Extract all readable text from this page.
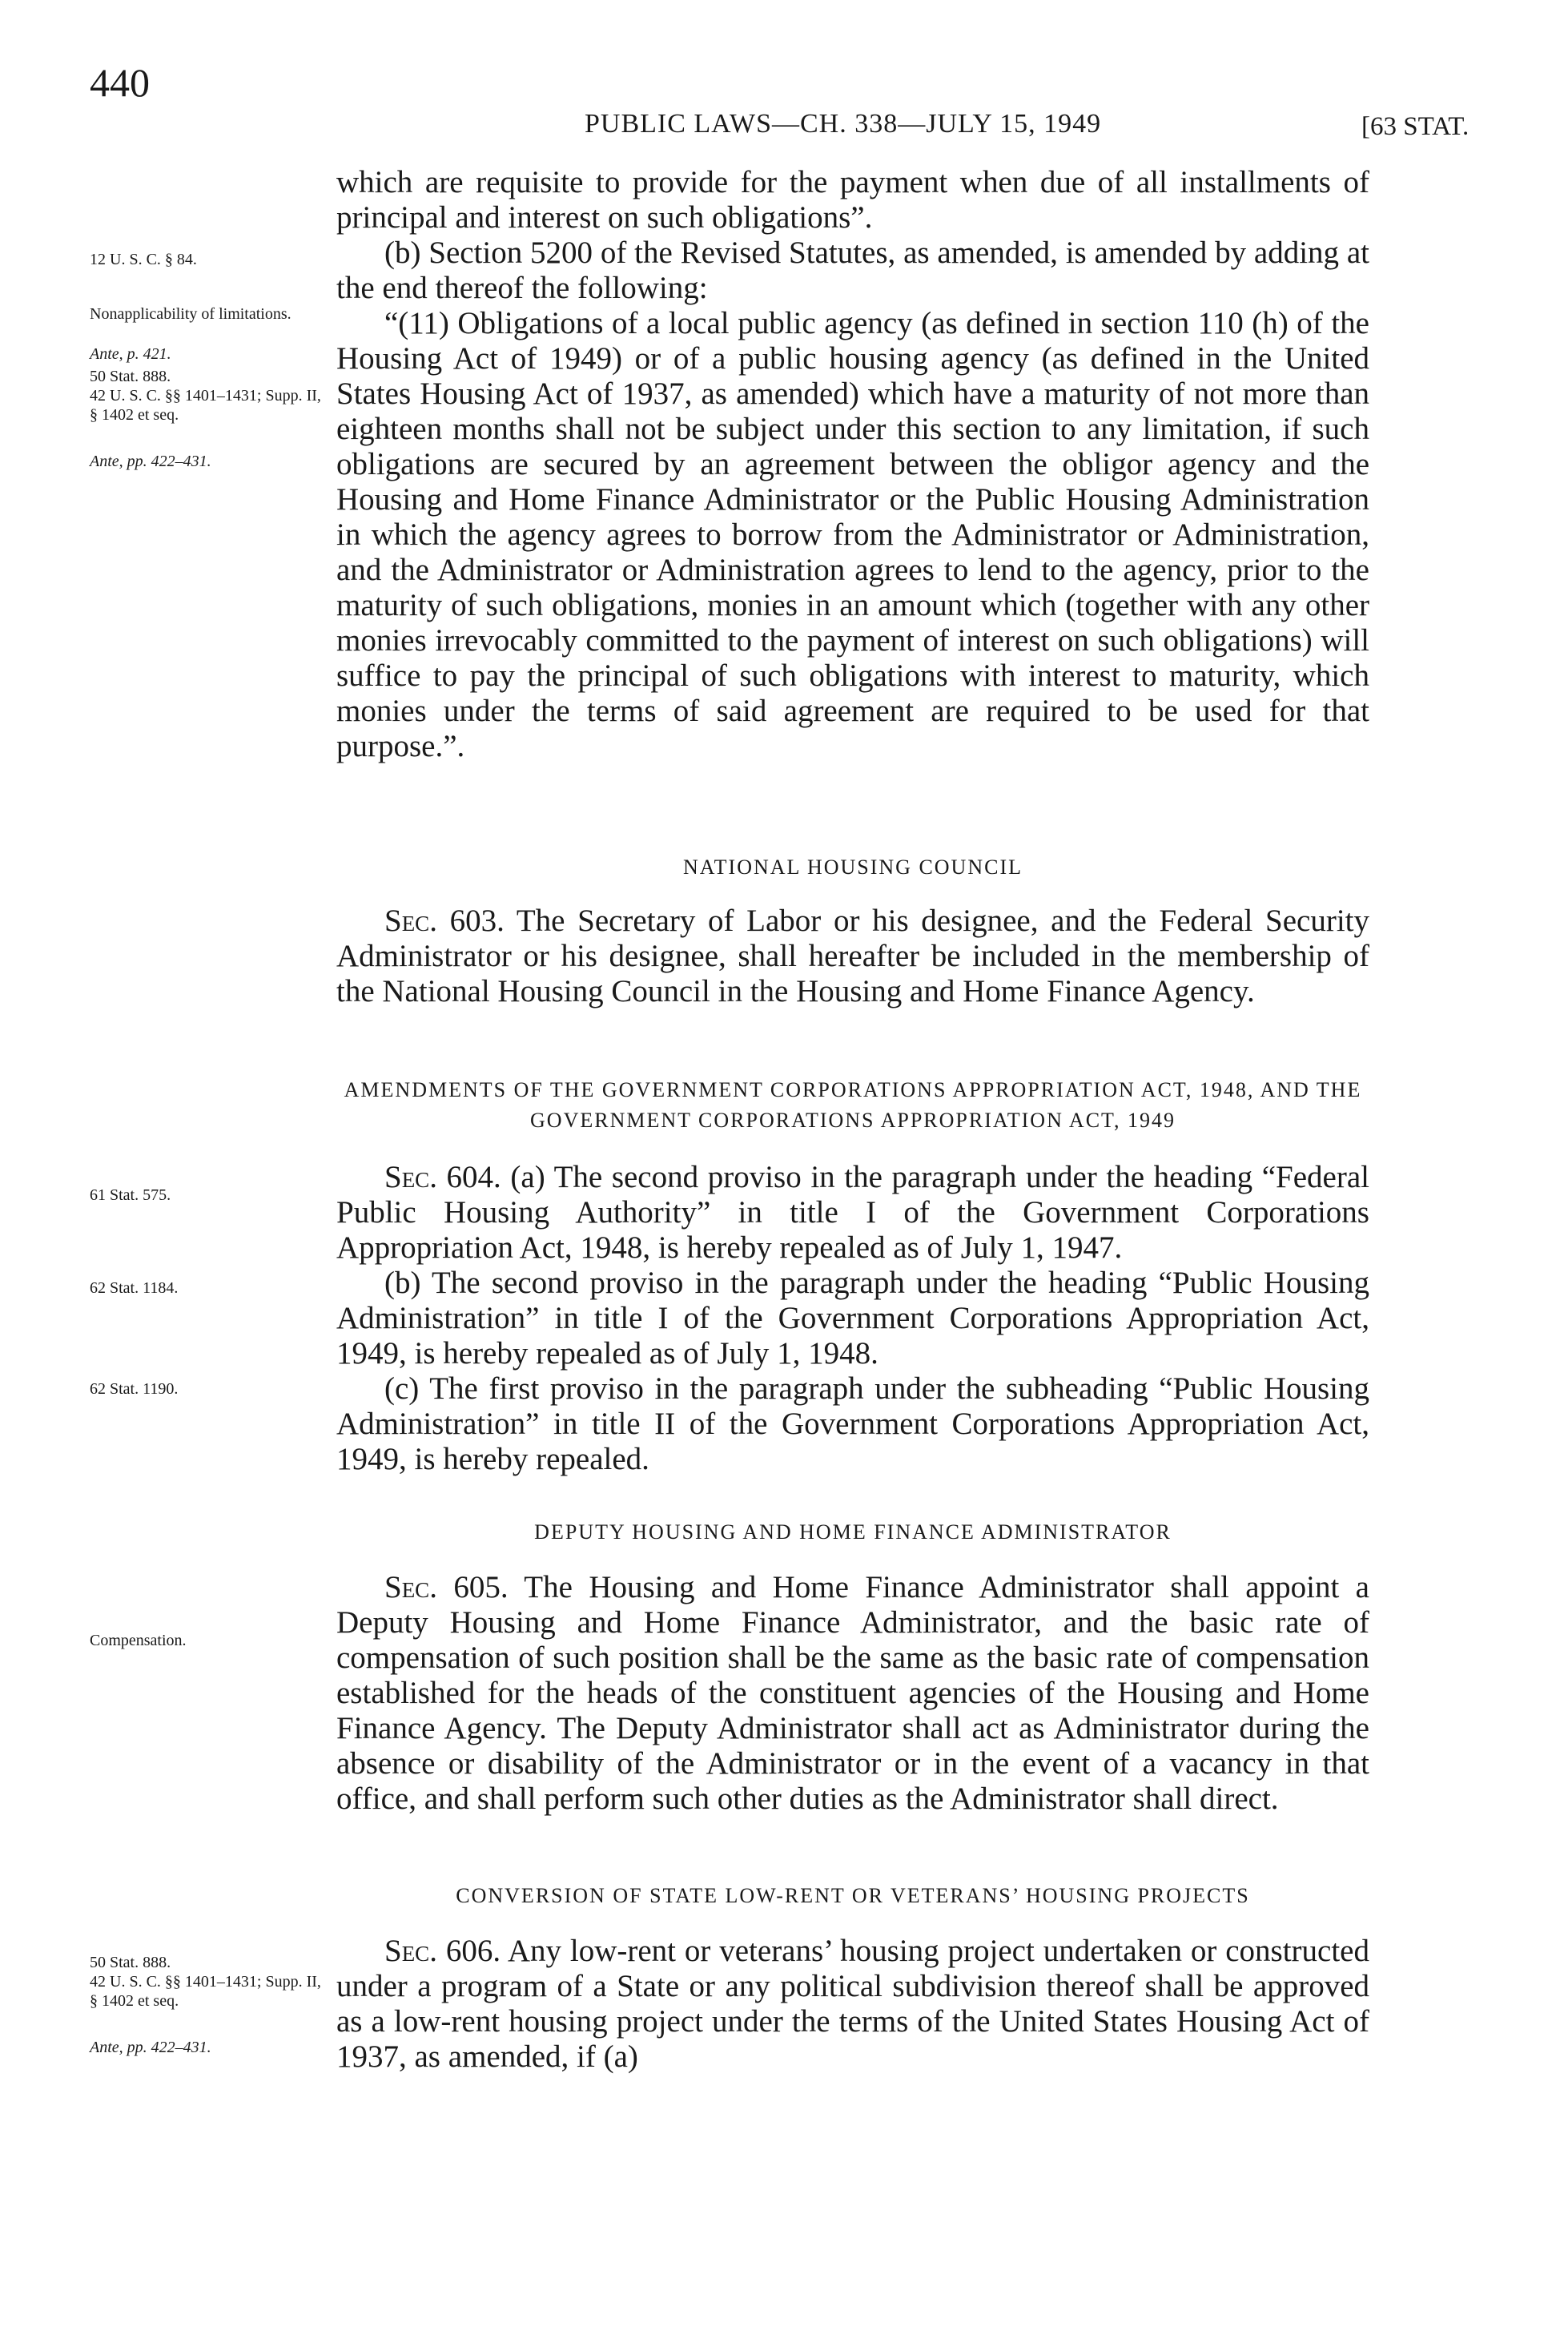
440
PUBLIC LAWS—CH. 338—JULY 15, 1949	[63 STAT.
12 U. S. C. § 84.
Nonapplicability of limitations.
Ante, p. 421.
50 Stat. 888.
42 U. S. C. §§ 1401–1431; Supp. II, § 1402 et seq.
Ante, pp. 422–431.
61 Stat. 575.
62 Stat. 1184.
62 Stat. 1190.
Compensation.
50 Stat. 888.
42 U. S. C. §§ 1401–1431; Supp. II, § 1402 et seq.
Ante, pp. 422–431.

which are requisite to provide for the payment when due of all installments of principal and interest on such obligations”.

(b) Section 5200 of the Revised Statutes, as amended, is amended by adding at the end thereof the following:

“(11) Obligations of a local public agency (as defined in section 110 (h) of the Housing Act of 1949) or of a public housing agency (as defined in the United States Housing Act of 1937, as amended) which have a maturity of not more than eighteen months shall not be subject under this section to any limitation, if such obligations are secured by an agreement between the obligor agency and the Housing and Home Finance Administrator or the Public Housing Administration in which the agency agrees to borrow from the Administrator or Administration, and the Administrator or Administration agrees to lend to the agency, prior to the maturity of such obligations, monies in an amount which (together with any other monies irrevocably committed to the payment of interest on such obligations) will suffice to pay the principal of such obligations with interest to maturity, which monies under the terms of said agreement are required to be used for that purpose.”.

NATIONAL HOUSING COUNCIL

Sec. 603. The Secretary of Labor or his designee, and the Federal Security Administrator or his designee, shall hereafter be included in the membership of the National Housing Council in the Housing and Home Finance Agency.

AMENDMENTS OF THE GOVERNMENT CORPORATIONS APPROPRIATION ACT, 1948, AND THE GOVERNMENT CORPORATIONS APPROPRIATION ACT, 1949

Sec. 604. (a) The second proviso in the paragraph under the heading “Federal Public Housing Authority” in title I of the Government Corporations Appropriation Act, 1948, is hereby repealed as of July 1, 1947.

(b) The second proviso in the paragraph under the heading “Public Housing Administration” in title I of the Government Corporations Appropriation Act, 1949, is hereby repealed as of July 1, 1948.

(c) The first proviso in the paragraph under the subheading “Public Housing Administration” in title II of the Government Corporations Appropriation Act, 1949, is hereby repealed.

DEPUTY HOUSING AND HOME FINANCE ADMINISTRATOR

Sec. 605. The Housing and Home Finance Administrator shall appoint a Deputy Housing and Home Finance Administrator, and the basic rate of compensation of such position shall be the same as the basic rate of compensation established for the heads of the constituent agencies of the Housing and Home Finance Agency. The Deputy Administrator shall act as Administrator during the absence or disability of the Administrator or in the event of a vacancy in that office, and shall perform such other duties as the Administrator shall direct.

CONVERSION OF STATE LOW-RENT OR VETERANS’ HOUSING PROJECTS

Sec. 606. Any low-rent or veterans’ housing project undertaken or constructed under a program of a State or any political subdivision thereof shall be approved as a low-rent housing project under the terms of the United States Housing Act of 1937, as amended, if (a)
